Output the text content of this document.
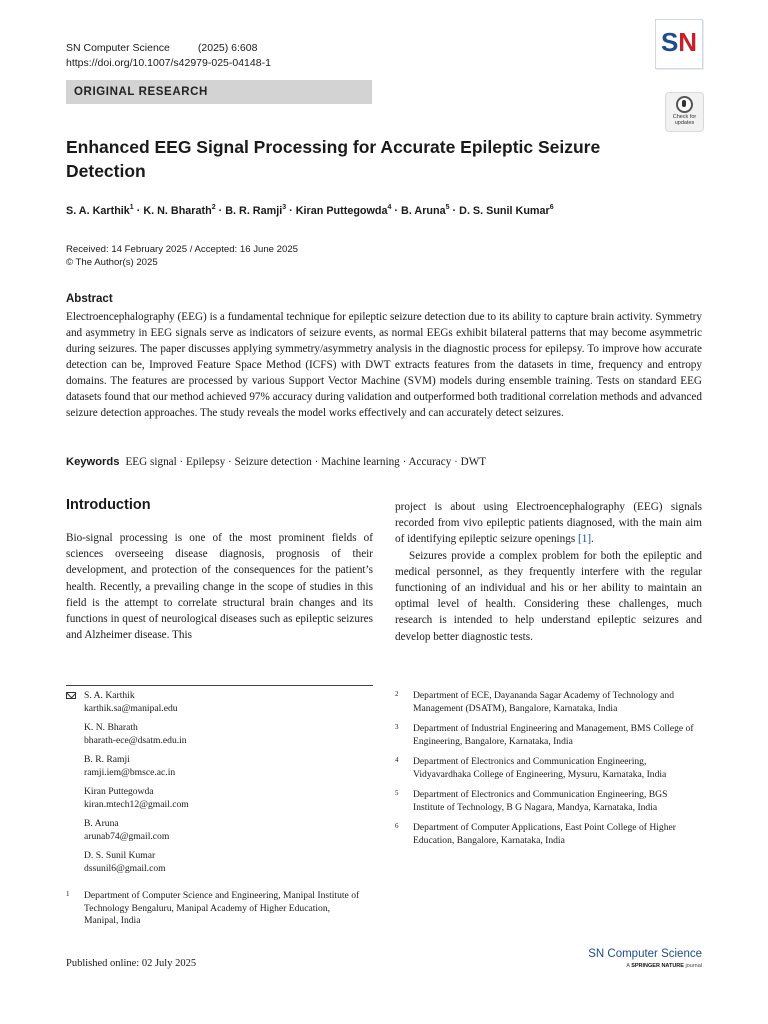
SN Computer Science	(2025) 6:608
https://doi.org/10.1007/s42979-025-04148-1
SN
ORIGINAL RESEARCH
Check for
updates
Enhanced EEG Signal Processing for Accurate Epileptic Seizure Detection
S. A. Karthik$^1$ · K. N. Bharath$^2$ · B. R. Ramji$^3$ · Kiran Puttegowda$^4$ · B. Aruna$^5$ · D. S. Sunil Kumar$^6$
Received: 14 February 2025 / Accepted: 16 June 2025
© The Author(s) 2025
Abstract
Electroencephalography (EEG) is a fundamental technique for epileptic seizure detection due to its ability to capture brain activity. Symmetry and asymmetry in EEG signals serve as indicators of seizure events, as normal EEGs exhibit bilateral patterns that may become asymmetric during seizures. The paper discusses applying symmetry/asymmetry analysis in the diagnostic process for epilepsy. To improve how accurate detection can be, Improved Feature Space Method (ICFS) with DWT extracts features from the datasets in time, frequency and entropy domains. The features are processed by various Support Vector Machine (SVM) models during ensemble training. Tests on standard EEG datasets found that our method achieved 97% accuracy during validation and outperformed both traditional correlation methods and advanced seizure detection approaches. The study reveals the model works effectively and can accurately detect seizures.
Keywords EEG signal · Epilepsy · Seizure detection · Machine learning · Accuracy · DWT
Introduction

Bio-signal processing is one of the most prominent fields of sciences overseeing disease diagnosis, prognosis of their development, and protection of the consequences for the patient’s health. Recently, a prevailing change in the scope of studies in this field is the attempt to correlate structural brain changes and its functions in quest of neurological diseases such as epileptic seizures and Alzheimer disease. This

project is about using Electroencephalography (EEG) signals recorded from vivo epileptic patients diagnosed, with the main aim of identifying epileptic seizure openings [1].

Seizures provide a complex problem for both the epileptic and medical personnel, as they frequently interfere with the regular functioning of an individual and his or her ability to maintain an optimal level of health. Considering these challenges, much research is intended to help understand epileptic seizures and develop better diagnostic tests.

S. A. Karthik
karthik.sa@manipal.edu
K. N. Bharath
bharath-ece@dsatm.edu.in
B. R. Ramji
ramji.iem@bmsce.ac.in
Kiran Puttegowda
kiran.mtech12@gmail.com
B. Aruna
arunab74@gmail.com
D. S. Sunil Kumar
dssunil6@gmail.com
1 Department of Computer Science and Engineering, Manipal Institute of Technology Bengaluru, Manipal Academy of Higher Education, Manipal, India
2 Department of ECE, Dayananda Sagar Academy of Technology and Management (DSATM), Bangalore, Karnataka, India
3 Department of Industrial Engineering and Management, BMS College of Engineering, Bangalore, Karnataka, India
4 Department of Electronics and Communication Engineering, Vidyavardhaka College of Engineering, Mysuru, Karnataka, India
5 Department of Electronics and Communication Engineering, BGS Institute of Technology, B G Nagara, Mandya, Karnataka, India
6 Department of Computer Applications, East Point College of Higher Education, Bangalore, Karnataka, India
Published online: 02 July 2025
SN Computer Science
A SPRINGER NATURE journal
